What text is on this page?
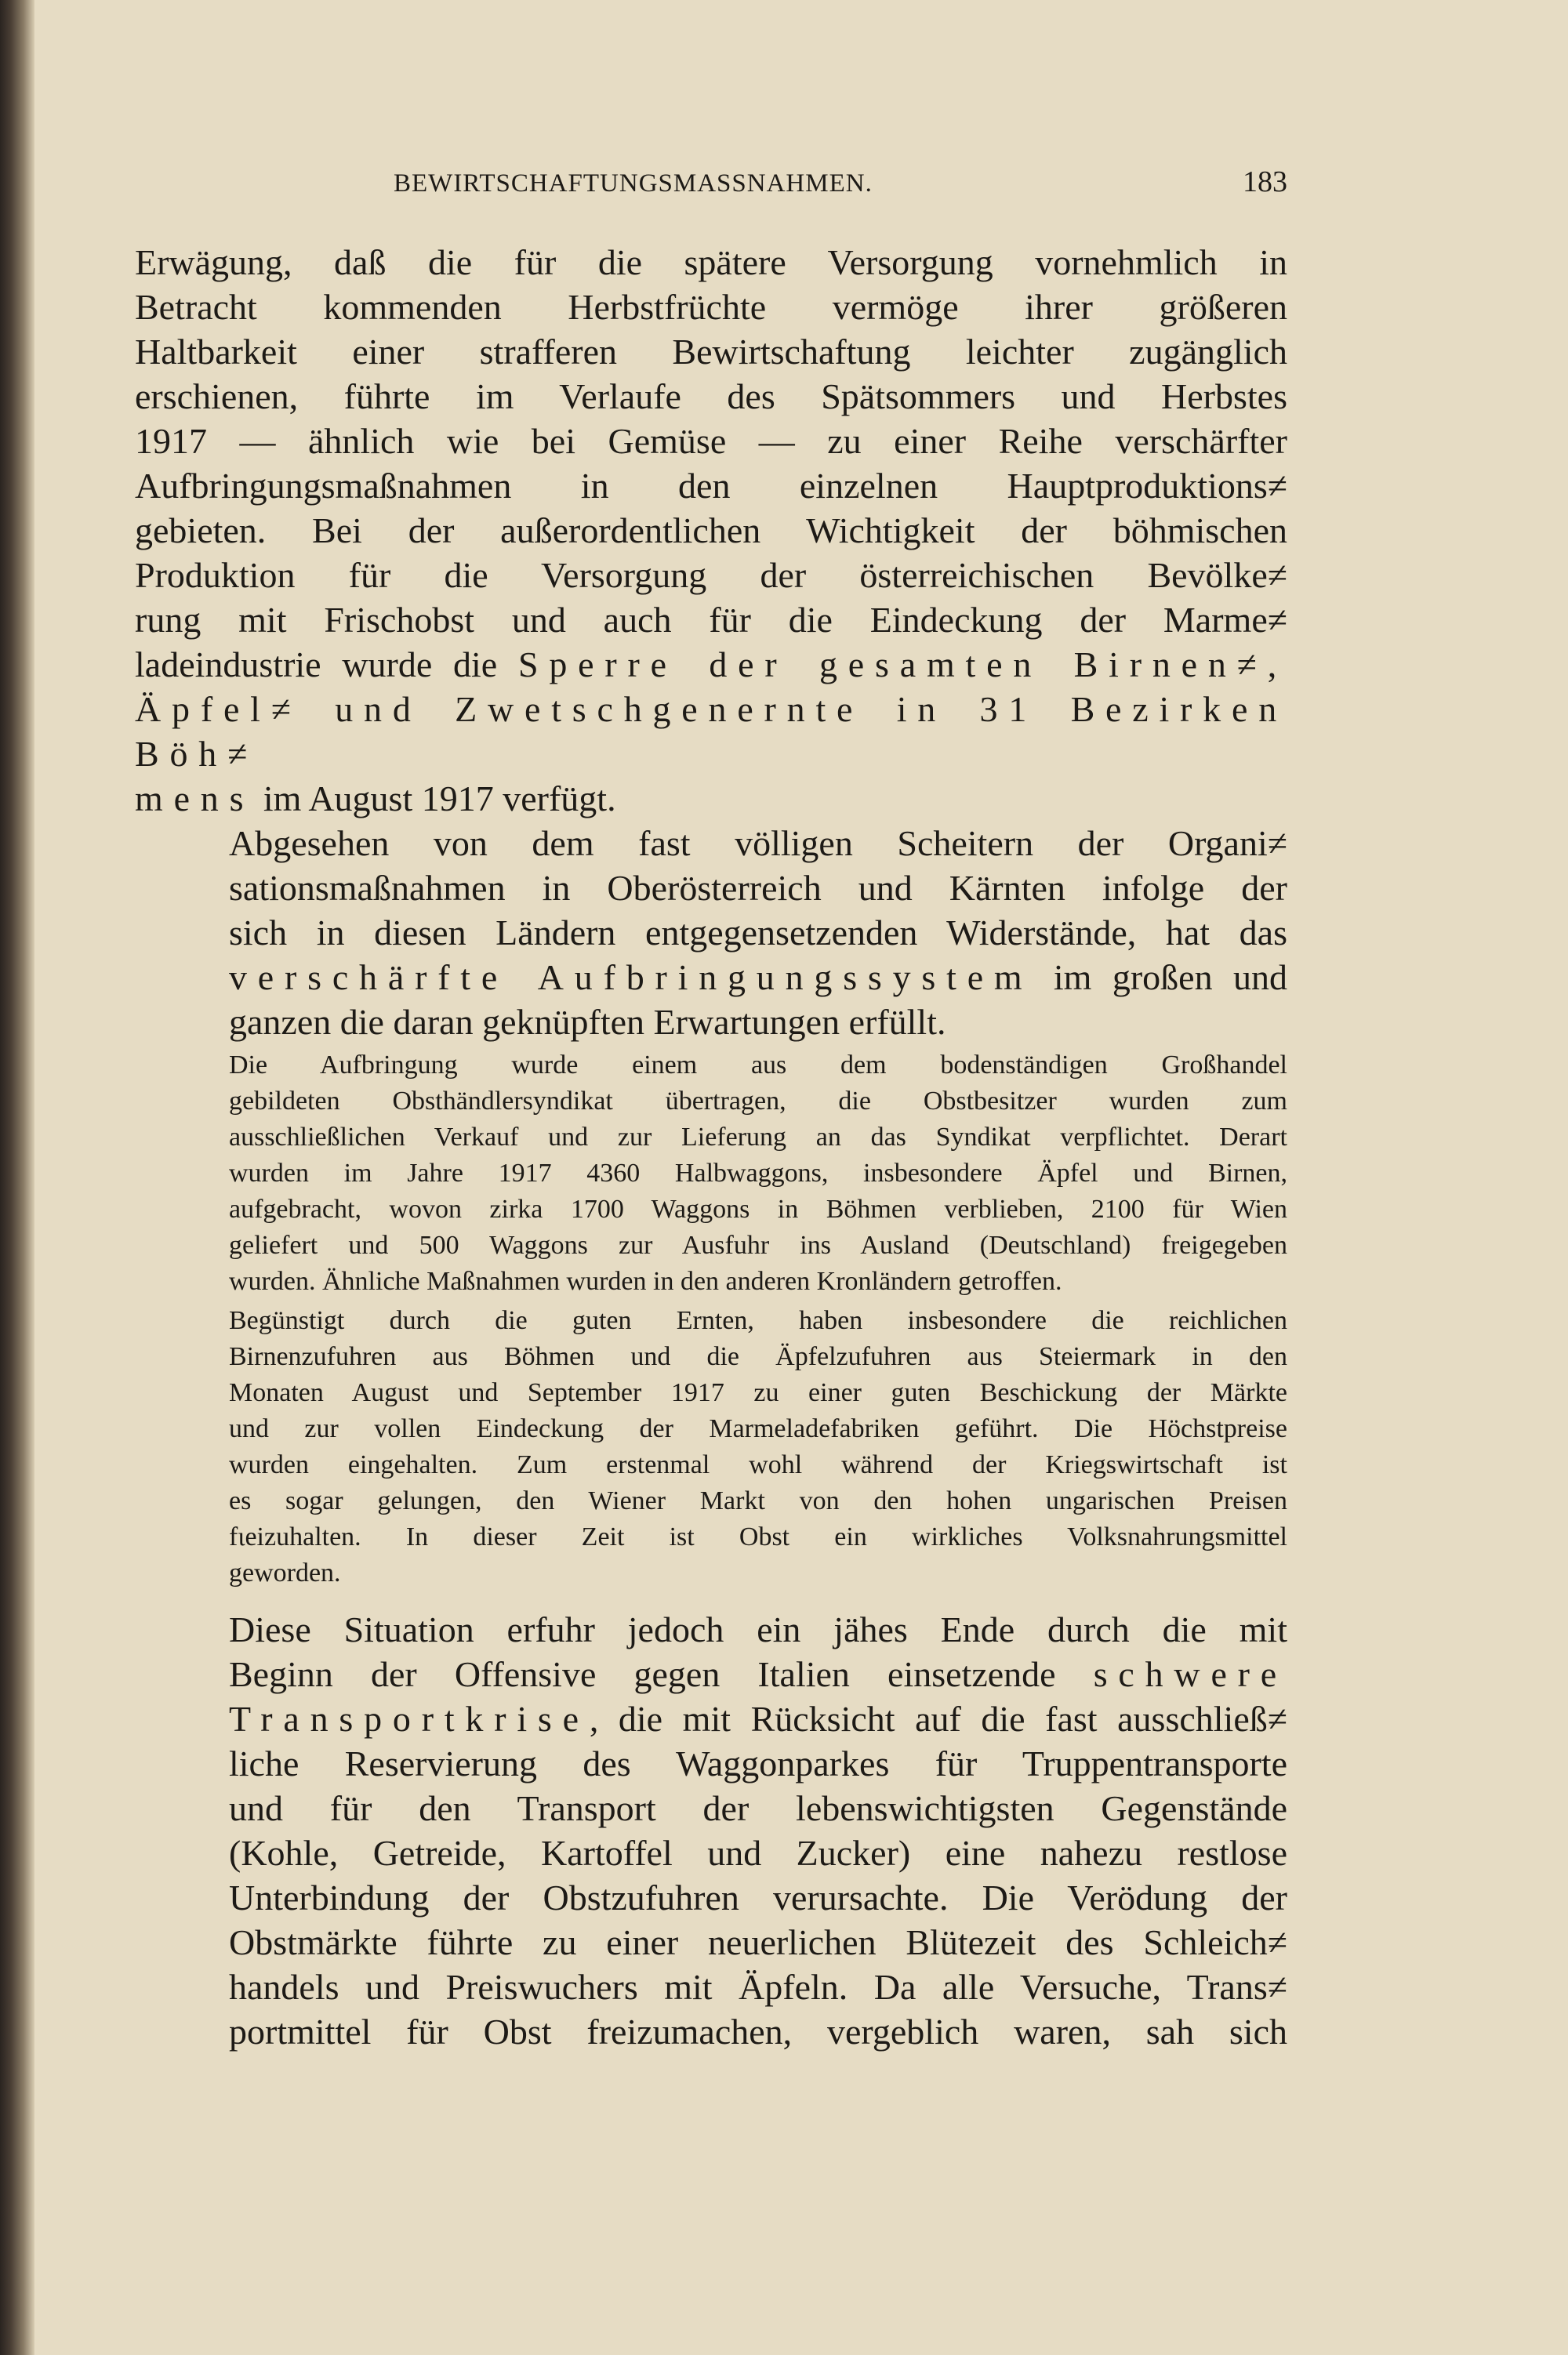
BEWIRTSCHAFTUNGSMASSNAHMEN.	183

Erwägung, daß die für die spätere Versorgung vornehmlich in
Betracht kommenden Herbstfrüchte vermöge ihrer größeren
Haltbarkeit einer strafferen Bewirtschaftung leichter zugänglich
erschienen, führte im Verlaufe des Spätsommers und Herbstes
1917 — ähnlich wie bei Gemüse — zu einer Reihe verschärfter
Aufbringungsmaßnahmen in den einzelnen Hauptproduktions≠
gebieten. Bei der außerordentlichen Wichtigkeit der böhmischen
Produktion für die Versorgung der österreichischen Bevölke≠
rung mit Frischobst und auch für die Eindeckung der Marme≠
ladeindustrie wurde die Sperre der gesamten Birnen≠,
Äpfel≠ und Zwetschgenernte in 31 Bezirken Böh≠
mens im August 1917 verfügt.

Abgesehen von dem fast völligen Scheitern der Organi≠
sationsmaßnahmen in Oberösterreich und Kärnten infolge der
sich in diesen Ländern entgegensetzenden Widerstände, hat das
verschärfte Aufbringungssystem im großen und
ganzen die daran geknüpften Erwartungen erfüllt.

Die Aufbringung wurde einem aus dem bodenständigen Großhandel
gebildeten Obsthändlersyndikat übertragen, die Obstbesitzer wurden zum
ausschließlichen Verkauf und zur Lieferung an das Syndikat verpflichtet. Derart
wurden im Jahre 1917 4360 Halbwaggons, insbesondere Äpfel und Birnen,
aufgebracht, wovon zirka 1700 Waggons in Böhmen verblieben, 2100 für Wien
geliefert und 500 Waggons zur Ausfuhr ins Ausland (Deutschland) freigegeben
wurden. Ähnliche Maßnahmen wurden in den anderen Kronländern getroffen.

Begünstigt durch die guten Ernten, haben insbesondere die reichlichen
Birnenzufuhren aus Böhmen und die Äpfelzufuhren aus Steiermark in den
Monaten August und September 1917 zu einer guten Beschickung der Märkte
und zur vollen Eindeckung der Marmeladefabriken geführt. Die Höchstpreise
wurden eingehalten. Zum erstenmal wohl während der Kriegswirtschaft ist
es sogar gelungen, den Wiener Markt von den hohen ungarischen Preisen
fιeizuhalten. In dieser Zeit ist Obst ein wirkliches Volksnahrungsmittel
geworden.

Diese Situation erfuhr jedoch ein jähes Ende durch die mit
Beginn der Offensive gegen Italien einsetzende schwere
Transportkrise, die mit Rücksicht auf die fast ausschließ≠
liche Reservierung des Waggonparkes für Truppentransporte
und für den Transport der lebenswichtigsten Gegenstände
(Kohle, Getreide, Kartoffel und Zucker) eine nahezu restlose
Unterbindung der Obstzufuhren verursachte. Die Verödung der
Obstmärkte führte zu einer neuerlichen Blütezeit des Schleich≠
handels und Preiswuchers mit Äpfeln. Da alle Versuche, Trans≠
portmittel für Obst freizumachen, vergeblich waren, sah sich
